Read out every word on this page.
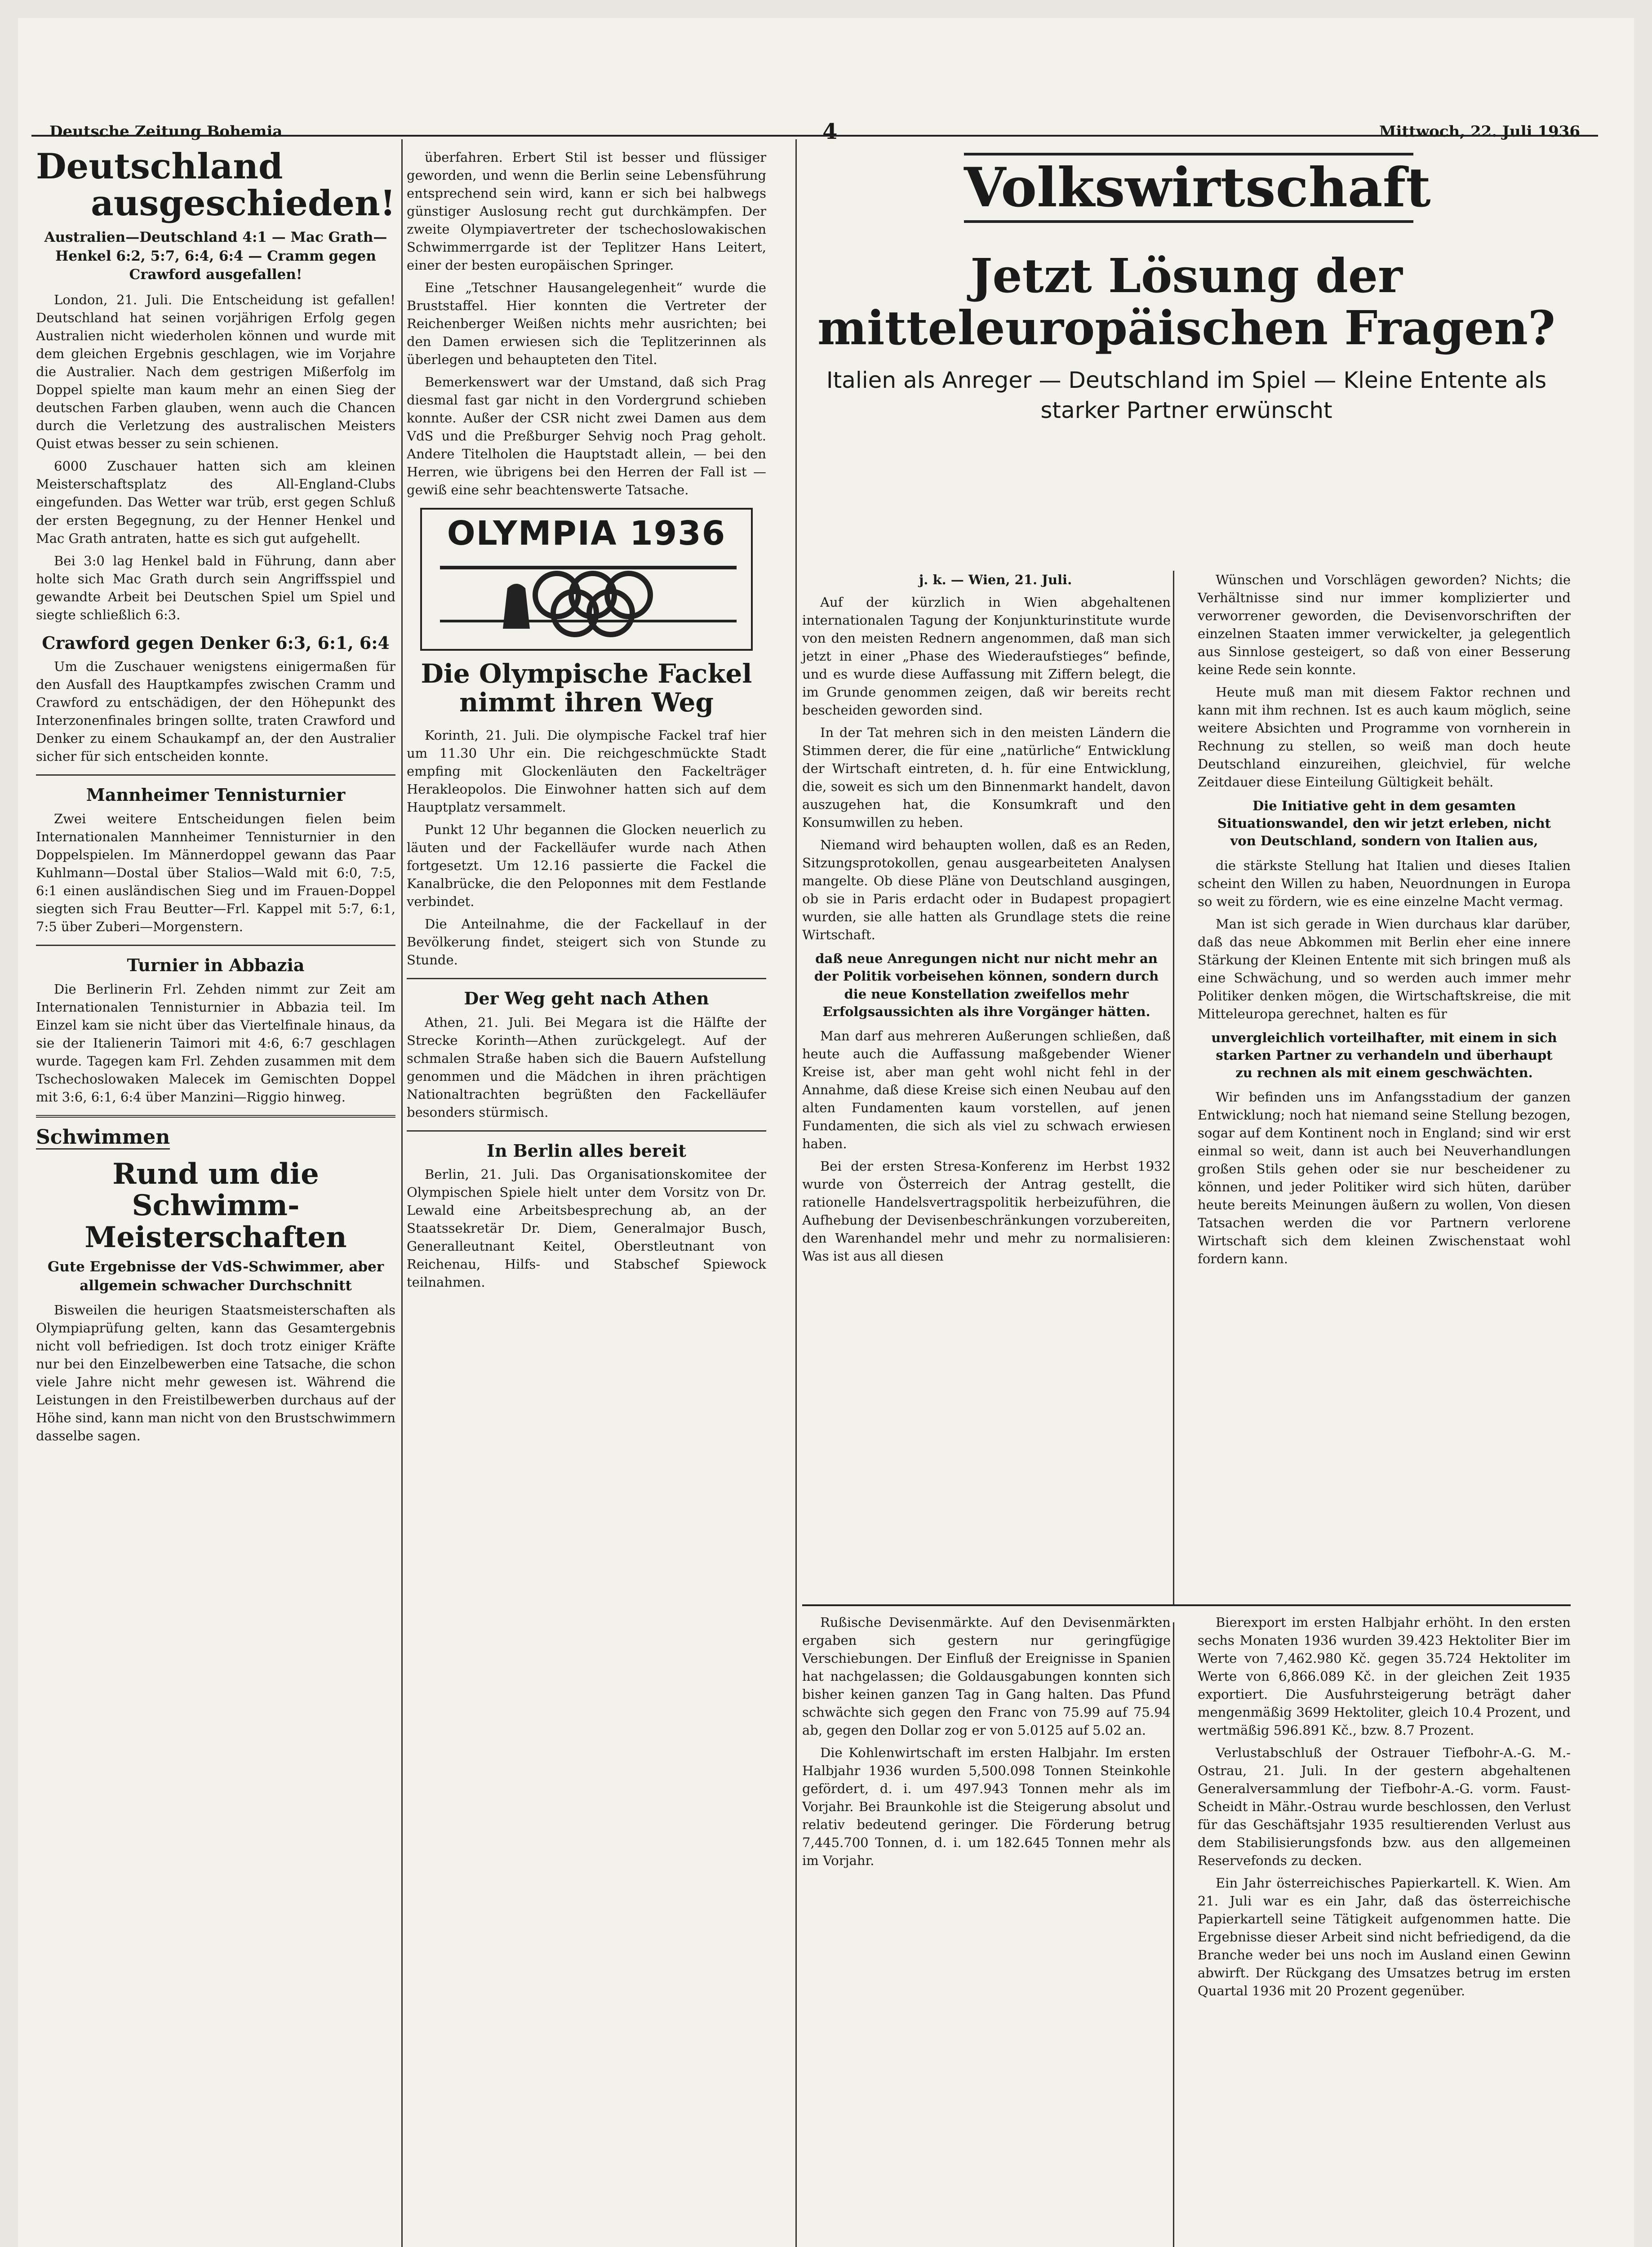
Deutsche Zeitung Bohemia	4	Mittwoch, 22. Juli 1936
Deutschland
ausgeschieden!
Australien—Deutschland 4:1 — Mac Grath—Henkel 6:2, 5:7, 6:4, 6:4 — Cramm gegen Crawford ausgefallen!

London, 21. Juli. Die Entscheidung ist gefallen! Deutschland hat seinen vorjährigen Erfolg gegen Australien nicht wiederholen können und wurde mit dem gleichen Ergebnis geschlagen, wie im Vorjahre die Australier. Nach dem gestrigen Mißerfolg im Doppel spielte man kaum mehr an einen Sieg der deutschen Farben glauben, wenn auch die Chancen durch die Verletzung des australischen Meisters Quist etwas besser zu sein schienen.

6000 Zuschauer hatten sich am kleinen Meisterschaftsplatz des All-England-Clubs eingefunden. Das Wetter war trüb, erst gegen Schluß der ersten Begegnung, zu der Henner Henkel und Mac Grath antraten, hatte es sich gut aufgehellt.

Bei 3:0 lag Henkel bald in Führung, dann aber holte sich Mac Grath durch sein Angriffsspiel und gewandte Arbeit bei Deutschen Spiel um Spiel und siegte schließlich 6:3.

Crawford gegen Denker 6:3, 6:1, 6:4

Um die Zuschauer wenigstens einigermaßen für den Ausfall des Hauptkampfes zwischen Cramm und Crawford zu entschädigen, der den Höhepunkt des Interzonenfinales bringen sollte, traten Crawford und Denker zu einem Schaukampf an, der den Australier sicher für sich entscheiden konnte.

Mannheimer Tennisturnier

Zwei weitere Entscheidungen fielen beim Internationalen Mannheimer Tennisturnier in den Doppelspielen. Im Männerdoppel gewann das Paar Kuhlmann—Dostal über Stalios—Wald mit 6:0, 7:5, 6:1 einen ausländischen Sieg und im Frauen-Doppel siegten sich Frau Beutter—Frl. Kappel mit 5:7, 6:1, 7:5 über Zuberi—Morgenstern.

Turnier in Abbazia

Die Berlinerin Frl. Zehden nimmt zur Zeit am Internationalen Tennisturnier in Abbazia teil. Im Einzel kam sie nicht über das Viertelfinale hinaus, da sie der Italienerin Taimori mit 4:6, 6:7 geschlagen wurde. Tagegen kam Frl. Zehden zusammen mit dem Tschechoslowaken Malecek im Gemischten Doppel mit 3:6, 6:1, 6:4 über Manzini—Riggio hinweg.

Schwimmen
Rund um die Schwimm-Meisterschaften
Gute Ergebnisse der VdS-Schwimmer, aber allgemein schwacher Durchschnitt

Bisweilen die heurigen Staatsmeisterschaften als Olympiaprüfung gelten, kann das Gesamtergebnis nicht voll befriedigen. Ist doch trotz einiger Kräfte nur bei den Einzelbewerben eine Tatsache, die schon viele Jahre nicht mehr gewesen ist. Während die Leistungen in den Freistilbewerben durchaus auf der Höhe sind, kann man nicht von den Brustschwimmern dasselbe sagen.

überfahren. Erbert Stil ist besser und flüssiger geworden, und wenn die Berlin seine Lebensführung entsprechend sein wird, kann er sich bei halbwegs günstiger Auslosung recht gut durchkämpfen. Der zweite Olympiavertreter der tschechoslowakischen Schwimmerrgarde ist der Teplitzer Hans Leitert, einer der besten europäischen Springer.

Eine „Tetschner Hausangelegenheit“ wurde die Bruststaffel. Hier konnten die Vertreter der Reichenberger Weißen nichts mehr ausrichten; bei den Damen erwiesen sich die Teplitzerinnen als überlegen und behaupteten den Titel.

Bemerkenswert war der Umstand, daß sich Prag diesmal fast gar nicht in den Vordergrund schieben konnte. Außer der CSR nicht zwei Damen aus dem VdS und die Preßburger Sehvig noch Prag geholt. Andere Titelholen die Hauptstadt allein, — bei den Herren, wie übrigens bei den Herren der Fall ist — gewiß eine sehr beachtenswerte Tatsache.

OLYMPIA 1936
Die Olympische Fackel nimmt ihren Weg

Korinth, 21. Juli. Die olympische Fackel traf hier um 11.30 Uhr ein. Die reichgeschmückte Stadt empfing mit Glockenläuten den Fackelträger Herakleopolos. Die Einwohner hatten sich auf dem Hauptplatz versammelt.

Punkt 12 Uhr begannen die Glocken neuerlich zu läuten und der Fackelläufer wurde nach Athen fortgesetzt. Um 12.16 passierte die Fackel die Kanalbrücke, die den Peloponnes mit dem Festlande verbindet.

Die Anteilnahme, die der Fackellauf in der Bevölkerung findet, steigert sich von Stunde zu Stunde.

Der Weg geht nach Athen

Athen, 21. Juli. Bei Megara ist die Hälfte der Strecke Korinth—Athen zurückgelegt. Auf der schmalen Straße haben sich die Bauern Aufstellung genommen und die Mädchen in ihren prächtigen Nationaltrachten begrüßten den Fackelläufer besonders stürmisch.

In Berlin alles bereit

Berlin, 21. Juli. Das Organisationskomitee der Olympischen Spiele hielt unter dem Vorsitz von Dr. Lewald eine Arbeitsbesprechung ab, an der Staatssekretär Dr. Diem, Generalmajor Busch, Generalleutnant Keitel, Oberstleutnant von Reichenau, Hilfs- und Stabschef Spiewock teilnahmen.

Volkswirtschaft
Jetzt Lösung der mitteleuropäischen Fragen?
Italien als Anreger — Deutschland im Spiel — Kleine Entente als starker Partner erwünscht

j. k. — Wien, 21. Juli.

Auf der kürzlich in Wien abgehaltenen internationalen Tagung der Konjunkturinstitute wurde von den meisten Rednern angenommen, daß man sich jetzt in einer „Phase des Wiederaufstieges“ befinde, und es wurde diese Auffassung mit Ziffern belegt, die im Grunde genommen zeigen, daß wir bereits recht bescheiden geworden sind.

In der Tat mehren sich in den meisten Ländern die Stimmen derer, die für eine „natürliche“ Entwicklung der Wirtschaft eintreten, d. h. für eine Entwicklung, die, soweit es sich um den Binnenmarkt handelt, davon auszugehen hat, die Konsumkraft und den Konsumwillen zu heben.

Niemand wird behaupten wollen, daß es an Reden, Sitzungsprotokollen, genau ausgearbeiteten Analysen mangelte. Ob diese Pläne von Deutschland ausgingen, ob sie in Paris erdacht oder in Budapest propagiert wurden, sie alle hatten als Grundlage stets die reine Wirtschaft.

daß neue Anregungen nicht nur nicht mehr an der Politik vorbeisehen können, sondern durch die neue Konstellation zweifellos mehr Erfolgsaussichten als ihre Vorgänger hätten.

Man darf aus mehreren Außerungen schließen, daß heute auch die Auffassung maßgebender Wiener Kreise ist, aber man geht wohl nicht fehl in der Annahme, daß diese Kreise sich einen Neubau auf den alten Fundamenten kaum vorstellen, auf jenen Fundamenten, die sich als viel zu schwach erwiesen haben.

Bei der ersten Stresa-Konferenz im Herbst 1932 wurde von Österreich der Antrag gestellt, die rationelle Handelsvertragspolitik herbeizuführen, die Aufhebung der Devisenbeschränkungen vorzubereiten, den Warenhandel mehr und mehr zu normalisieren: Was ist aus all diesen

Wünschen und Vorschlägen geworden? Nichts; die Verhältnisse sind nur immer komplizierter und verworrener geworden, die Devisenvorschriften der einzelnen Staaten immer verwickelter, ja gelegentlich aus Sinnlose gesteigert, so daß von einer Besserung keine Rede sein konnte.

Heute muß man mit diesem Faktor rechnen und kann mit ihm rechnen. Ist es auch kaum möglich, seine weitere Absichten und Programme von vornherein in Rechnung zu stellen, so weiß man doch heute Deutschland einzureihen, gleichviel, für welche Zeitdauer diese Einteilung Gültigkeit behält.

Die Initiative geht in dem gesamten Situationswandel, den wir jetzt erleben, nicht von Deutschland, sondern von Italien aus,

die stärkste Stellung hat Italien und dieses Italien scheint den Willen zu haben, Neuordnungen in Europa so weit zu fördern, wie es eine einzelne Macht vermag.

Man ist sich gerade in Wien durchaus klar darüber, daß das neue Abkommen mit Berlin eher eine innere Stärkung der Kleinen Entente mit sich bringen muß als eine Schwächung, und so werden auch immer mehr Politiker denken mögen, die Wirtschaftskreise, die mit Mitteleuropa gerechnet, halten es für

unvergleichlich vorteilhafter, mit einem in sich starken Partner zu verhandeln und überhaupt zu rechnen als mit einem geschwächten.

Wir befinden uns im Anfangsstadium der ganzen Entwicklung; noch hat niemand seine Stellung bezogen, sogar auf dem Kontinent noch in England; sind wir erst einmal so weit, dann ist auch bei Neuverhandlungen großen Stils gehen oder sie nur bescheidener zu können, und jeder Politiker wird sich hüten, darüber heute bereits Meinungen äußern zu wollen, Von diesen Tatsachen werden die vor Partnern verlorene Wirtschaft sich dem kleinen Zwischenstaat wohl fordern kann.

Rußische Devisenmärkte. Auf den Devisenmärkten ergaben sich gestern nur geringfügige Verschiebungen. Der Einfluß der Ereignisse in Spanien hat nachgelassen; die Goldausgabungen konnten sich bisher keinen ganzen Tag in Gang halten. Das Pfund schwächte sich gegen den Franc von 75.99 auf 75.94 ab, gegen den Dollar zog er von 5.0125 auf 5.02 an.

Die Kohlenwirtschaft im ersten Halbjahr. Im ersten Halbjahr 1936 wurden 5,500.098 Tonnen Steinkohle gefördert, d. i. um 497.943 Tonnen mehr als im Vorjahr. Bei Braunkohle ist die Steigerung absolut und relativ bedeutend geringer. Die Förderung betrug 7,445.700 Tonnen, d. i. um 182.645 Tonnen mehr als im Vorjahr.

Bierexport im ersten Halbjahr erhöht. In den ersten sechs Monaten 1936 wurden 39.423 Hektoliter Bier im Werte von 7,462.980 Kč. gegen 35.724 Hektoliter im Werte von 6,866.089 Kč. in der gleichen Zeit 1935 exportiert. Die Ausfuhrsteigerung beträgt daher mengenmäßig 3699 Hektoliter, gleich 10.4 Prozent, und wertmäßig 596.891 Kč., bzw. 8.7 Prozent.

Verlustabschluß der Ostrauer Tiefbohr-A.-G. M.-Ostrau, 21. Juli. In der gestern abgehaltenen Generalversammlung der Tiefbohr-A.-G. vorm. Faust-Scheidt in Mähr.-Ostrau wurde beschlossen, den Verlust für das Geschäftsjahr 1935 resultierenden Verlust aus dem Stabilisierungsfonds bzw. aus den allgemeinen Reservefonds zu decken.

Ein Jahr österreichisches Papierkartell. K. Wien. Am 21. Juli war es ein Jahr, daß das österreichische Papierkartell seine Tätigkeit aufgenommen hatte. Die Ergebnisse dieser Arbeit sind nicht befriedigend, da die Branche weder bei uns noch im Ausland einen Gewinn abwirft. Der Rückgang des Umsatzes betrug im ersten Quartal 1936 mit 20 Prozent gegenüber.
